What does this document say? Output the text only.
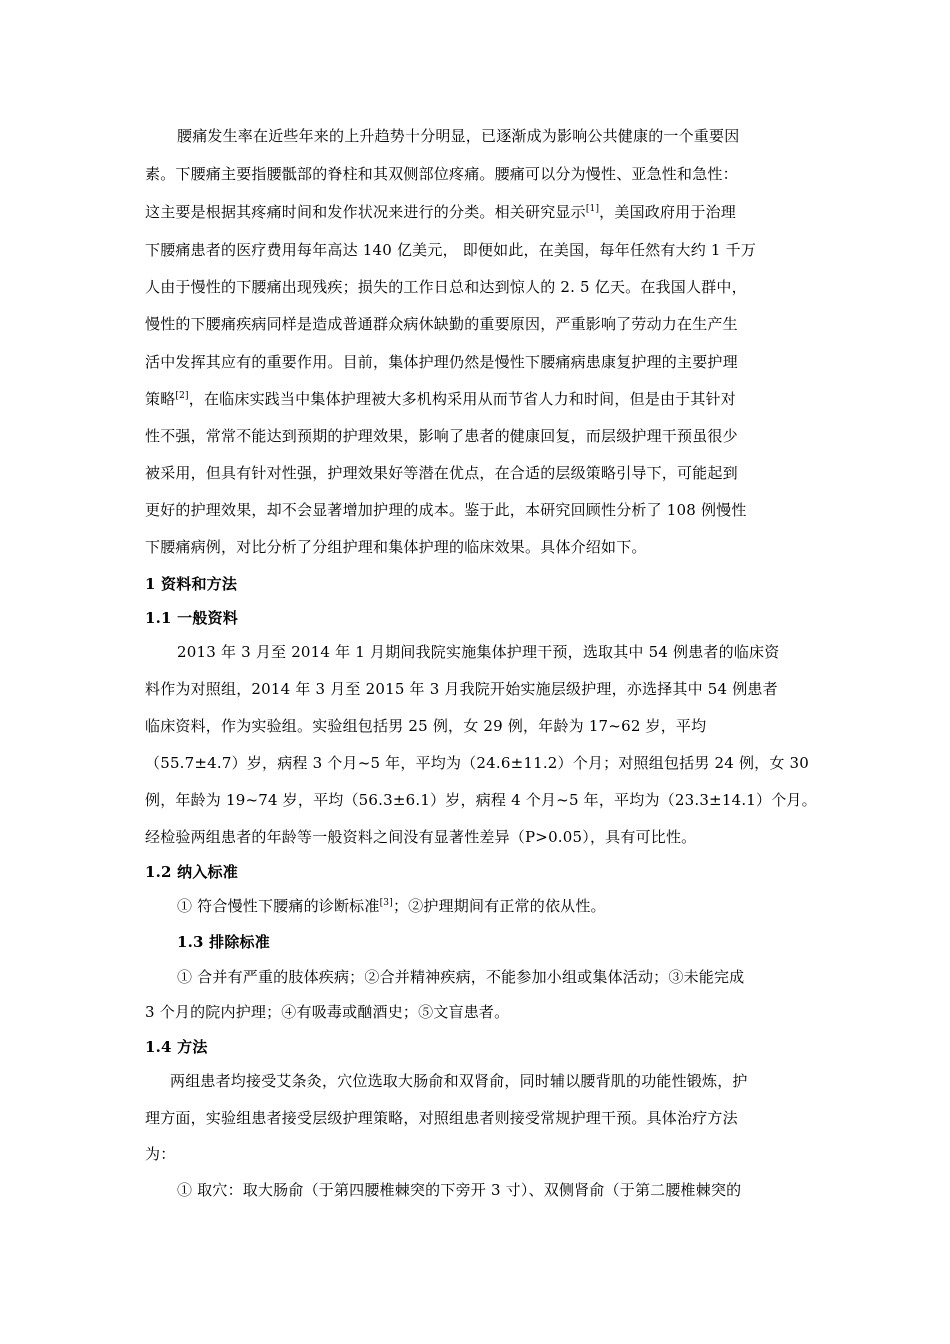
腰痛发生率在近些年来的上升趋势十分明显，已逐渐成为影响公共健康的一个重要因
素。下腰痛主要指腰骶部的脊柱和其双侧部位疼痛。腰痛可以分为慢性、亚急性和急性：
这主要是根据其疼痛时间和发作状况来进行的分类。相关研究显示[1]，美国政府用于治理
下腰痛患者的医疗费用每年高达 140 亿美元， 即便如此，在美国，每年任然有大约 1 千万
人由于慢性的下腰痛出现残疾；损失的工作日总和达到惊人的 2. 5 亿天。在我国人群中，
慢性的下腰痛疾病同样是造成普通群众病休缺勤的重要原因，严重影响了劳动力在生产生
活中发挥其应有的重要作用。目前，集体护理仍然是慢性下腰痛病患康复护理的主要护理
策略[2]，在临床实践当中集体护理被大多机构采用从而节省人力和时间，但是由于其针对
性不强，常常不能达到预期的护理效果，影响了患者的健康回复，而层级护理干预虽很少
被采用，但具有针对性强，护理效果好等潜在优点，在合适的层级策略引导下，可能起到
更好的护理效果，却不会显著增加护理的成本。鉴于此，本研究回顾性分析了 108 例慢性
下腰痛病例，对比分析了分组护理和集体护理的临床效果。具体介绍如下。
1 资料和方法
1.1 一般资料
2013 年 3 月至 2014 年 1 月期间我院实施集体护理干预，选取其中 54 例患者的临床资
料作为对照组，2014 年 3 月至 2015 年 3 月我院开始实施层级护理，亦选择其中 54 例患者
临床资料，作为实验组。实验组包括男 25 例，女 29 例，年龄为 17~62 岁，平均
（55.7±4.7）岁，病程 3 个月~5 年，平均为（24.6±11.2）个月；对照组包括男 24 例，女 30
例，年龄为 19~74 岁，平均（56.3±6.1）岁，病程 4 个月~5 年，平均为（23.3±14.1）个月。
经检验两组患者的年龄等一般资料之间没有显著性差异（P>0.05），具有可比性。
1.2 纳入标准
① 符合慢性下腰痛的诊断标准[3]；②护理期间有正常的依从性。
1.3 排除标准
① 合并有严重的肢体疾病；②合并精神疾病，不能参加小组或集体活动；③未能完成
3 个月的院内护理；④有吸毒或酗酒史；⑤文盲患者。
1.4 方法
两组患者均接受艾条灸，穴位选取大肠俞和双肾俞，同时辅以腰背肌的功能性锻炼，护
理方面，实验组患者接受层级护理策略，对照组患者则接受常规护理干预。具体治疗方法
为：
① 取穴：取大肠俞（于第四腰椎棘突的下旁开 3 寸）、双侧肾俞（于第二腰椎棘突的
